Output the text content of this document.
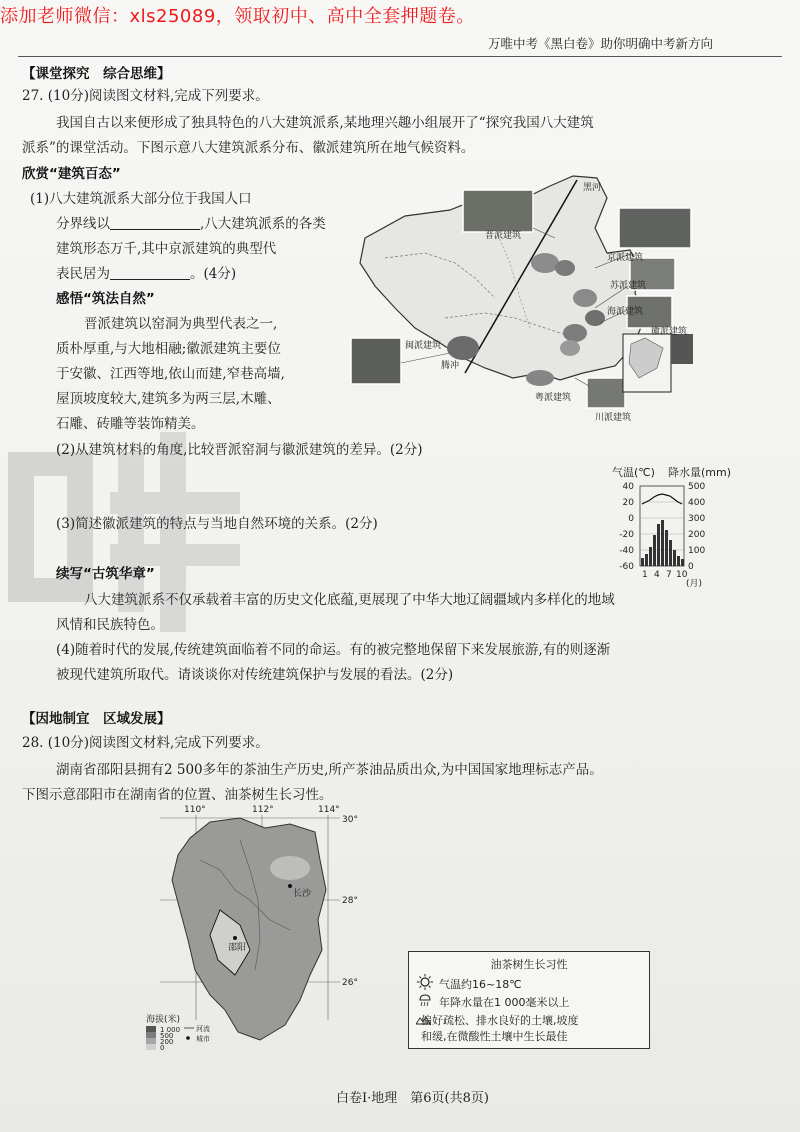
添加老师微信：xls25089，领取初中、高中全套押题卷。
万唯中考《黑白卷》助你明确中考新方向
【课堂探究　综合思维】
27. (10分)阅读图文材料,完成下列要求。
我国自古以来便形成了独具特色的八大建筑派系,某地理兴趣小组展开了“探究我国八大建筑
派系”的课堂活动。下图示意八大建筑派系分布、徽派建筑所在地气候资料。
欣赏“建筑百态”
(1)八大建筑派系大部分位于我国人口
分界线以	,八大建筑派系的各类
建筑形态万千,其中京派建筑的典型代
表民居为	。(4分)
感悟“筑法自然”
晋派建筑以窑洞为典型代表之一,
质朴厚重,与大地相融;徽派建筑主要位
于安徽、江西等地,依山而建,窄巷高墙,
屋顶坡度较大,建筑多为两三层,木雕、
石雕、砖雕等装饰精美。
(2)从建筑材料的角度,比较晋派窑洞与徽派建筑的差异。(2分)
(3)简述徽派建筑的特点与当地自然环境的关系。(2分)
晋派建筑
京派建筑
苏派建筑
海派建筑
徽派建筑
闽派建筑
粤派建筑
川派建筑
黑河
腾冲
气温(℃) 降水量(mm)
40
20
0
-20
-40
-60
500
400
300
200
100
0
1 4 7 10
(月)
续写“古筑华章”
八大建筑派系不仅承载着丰富的历史文化底蕴,更展现了中华大地辽阔疆域内多样化的地域
风情和民族特色。
(4)随着时代的发展,传统建筑面临着不同的命运。有的被完整地保留下来发展旅游,有的则逐渐
被现代建筑所取代。请谈谈你对传统建筑保护与发展的看法。(2分)
【因地制宜　区域发展】
28. (10分)阅读图文材料,完成下列要求。
湖南省邵阳县拥有2 500多年的茶油生产历史,所产茶油品质出众,为中国国家地理标志产品。
下图示意邵阳市在湖南省的位置、油茶树生长习性。
110°	112°	114°
30°
28°
26°
邵阳
长沙
海拔(米)
1 000
500
200
0
河流
城市
油茶树生长习性
气温约16~18℃
年降水量在1 000毫米以上
偏好疏松、排水良好的土壤,坡度
和缓,在微酸性土壤中生长最佳
白卷Ⅰ·地理　第6页(共8页)
